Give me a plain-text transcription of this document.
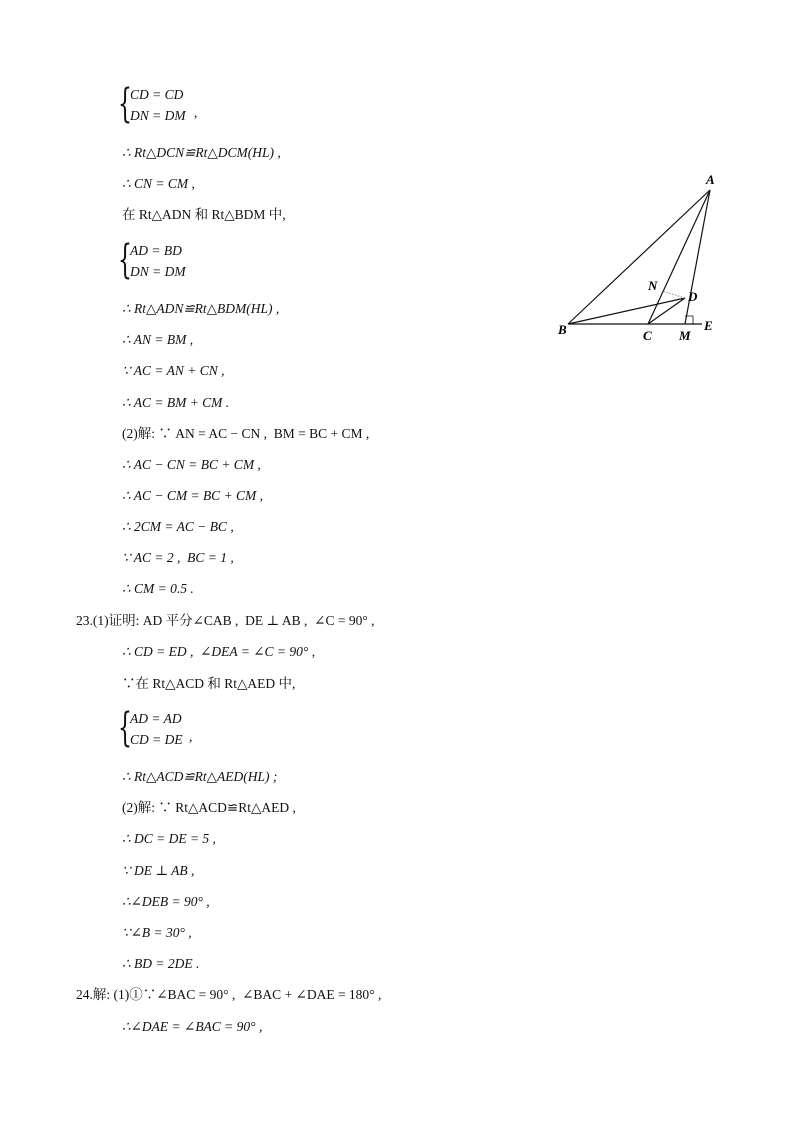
{
CD = CD
DN = DM ,
∴ Rt△DCN≌Rt△DCM(HL) ,
∴ CN = CM ,
在 Rt△ADN 和 Rt△BDM 中,
{
AD = BD
DN = DM
∴ Rt△ADN≌Rt△BDM(HL) ,
∴ AN = BM ,
∵ AC = AN + CN ,
∴ AC = BM + CM .
(2)解: ∵ AN = AC − CN ,  BM = BC + CM ,
∴ AC − CN = BC + CM ,
∴ AC − CM = BC + CM ,
∴ 2CM = AC − BC ,
∵ AC = 2 ,  BC = 1 ,
∴ CM = 0.5 .
23.(1)证明: AD 平分∠CAB ,  DE ⊥ AB ,  ∠C = 90° ,
∴ CD = ED ,  ∠DEA = ∠C = 90° ,
∵在 Rt△ACD 和 Rt△AED 中,
{
AD = AD
CD = DE ,
∴ Rt△ACD≌Rt△AED(HL) ;
(2)解: ∵ Rt△ACD≌Rt△AED ,
∴ DC = DE = 5 ,
∵ DE ⊥ AB ,
∴∠DEB = 90° ,
∵∠B = 30° ,
∴ BD = 2DE .
24.解: (1)①∵∠BAC = 90° ,  ∠BAC + ∠DAE = 180° ,
∴∠DAE = ∠BAC = 90° ,
A
B	C
D
E
M
N
